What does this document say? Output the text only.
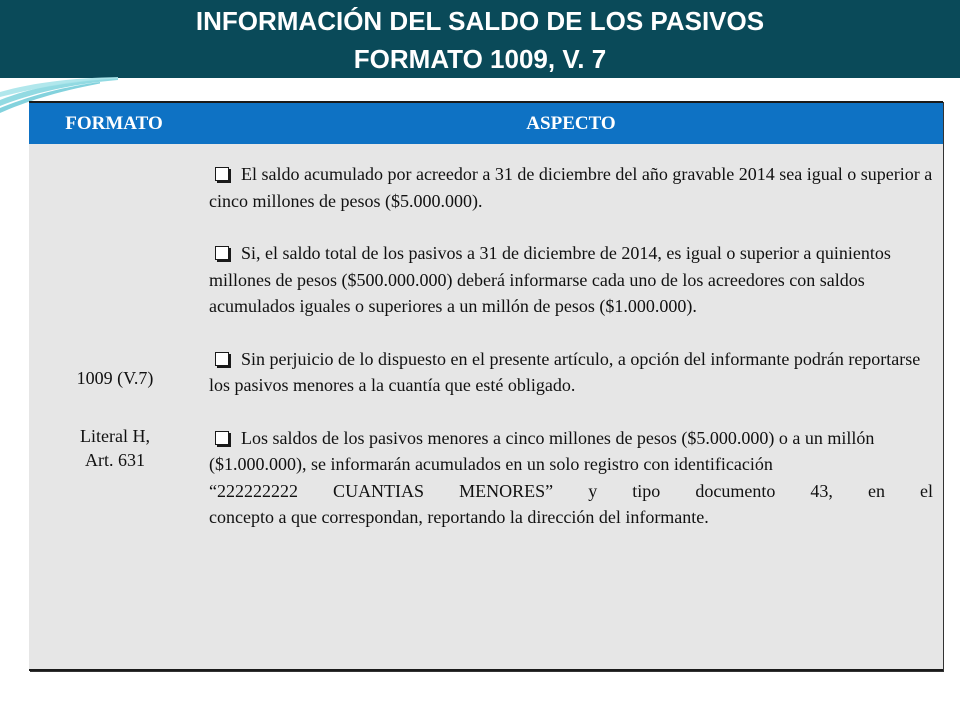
INFORMACIÓN DEL SALDO DE LOS PASIVOS
FORMATO 1009, V. 7
FORMATO	ASPECTO
1009 (V.7)
Literal H, Art. 631
El saldo acumulado por acreedor a 31 de diciembre del año gravable 2014 sea igual o superior a cinco millones de pesos ($5.000.000).
Si, el saldo total de los pasivos a 31 de diciembre de 2014, es igual o superior a quinientos millones de pesos ($500.000.000) deberá informarse cada uno de los acreedores con saldos acumulados iguales o superiores a un millón de pesos ($1.000.000).
Sin perjuicio de lo dispuesto en el presente artículo, a opción del informante podrán reportarse los pasivos menores a la cuantía que esté obligado.
Los saldos de los pasivos menores a cinco millones de pesos ($5.000.000) o a un millón ($1.000.000), se informarán acumulados en un solo registro con identificación
“222222222 CUANTIAS MENORES” y tipo documento 43, en el
concepto a que correspondan, reportando la dirección del informante.
